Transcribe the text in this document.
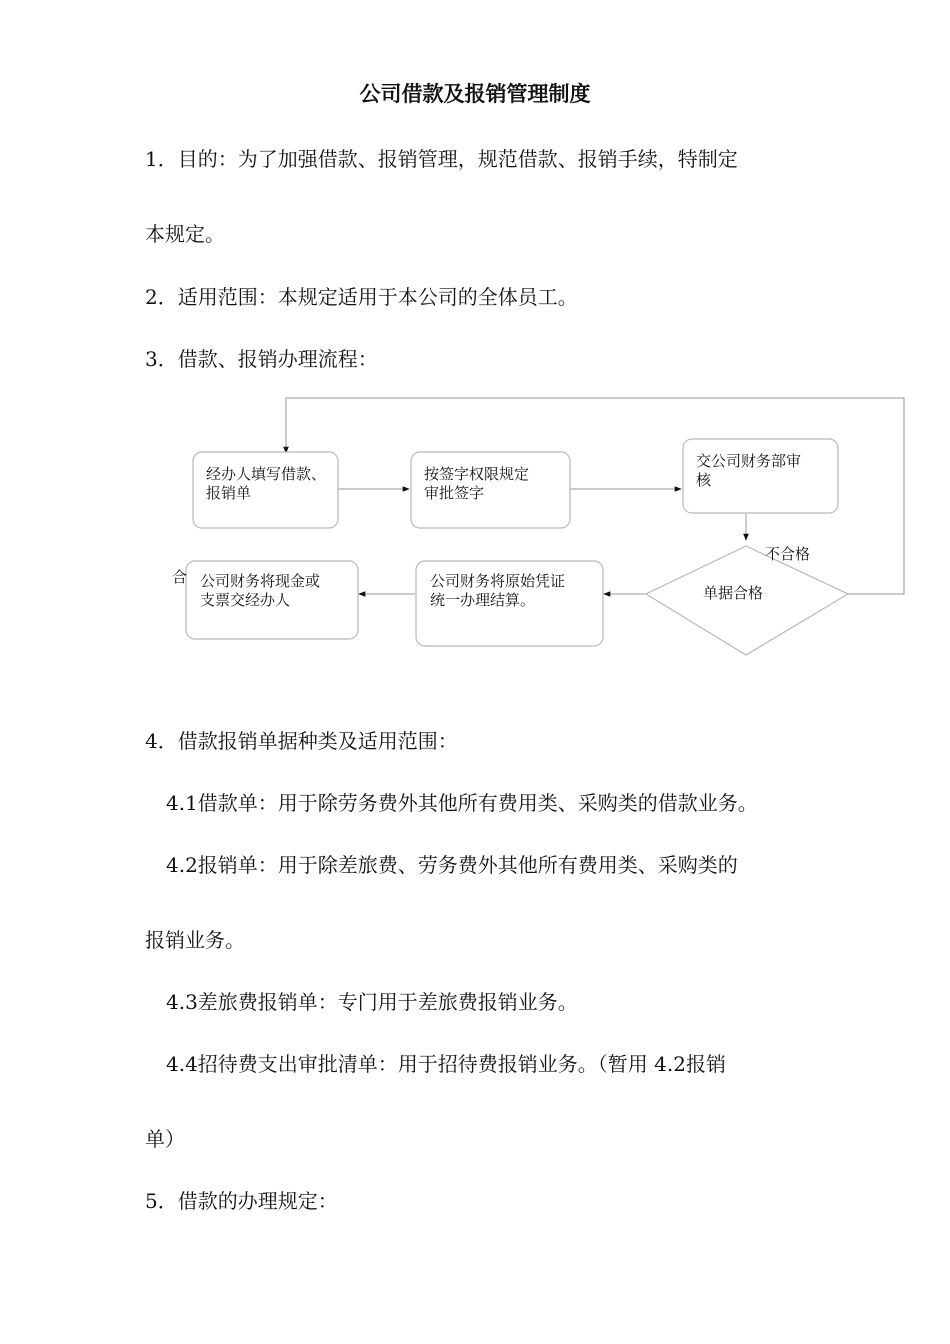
公司借款及报销管理制度
1．目的：为了加强借款、报销管理，规范借款、报销手续，特制定
本规定。
2．适用范围：本规定适用于本公司的全体员工。
3．借款、报销办理流程：
经办人填写借款、
报销单
按签字权限规定
审批签字
交公司财务部审
核
单据合格
不合格
公司财务将原始凭证
统一办理结算。
公司财务将现金或
支票交经办人
合
4．借款报销单据种类及适用范围：
4.1借款单：用于除劳务费外其他所有费用类、采购类的借款业务。
4.2报销单：用于除差旅费、劳务费外其他所有费用类、采购类的
报销业务。
4.3差旅费报销单：专门用于差旅费报销业务。
4.4招待费支出审批清单：用于招待费报销业务。（暂用 4.2报销
单）
5．借款的办理规定：
